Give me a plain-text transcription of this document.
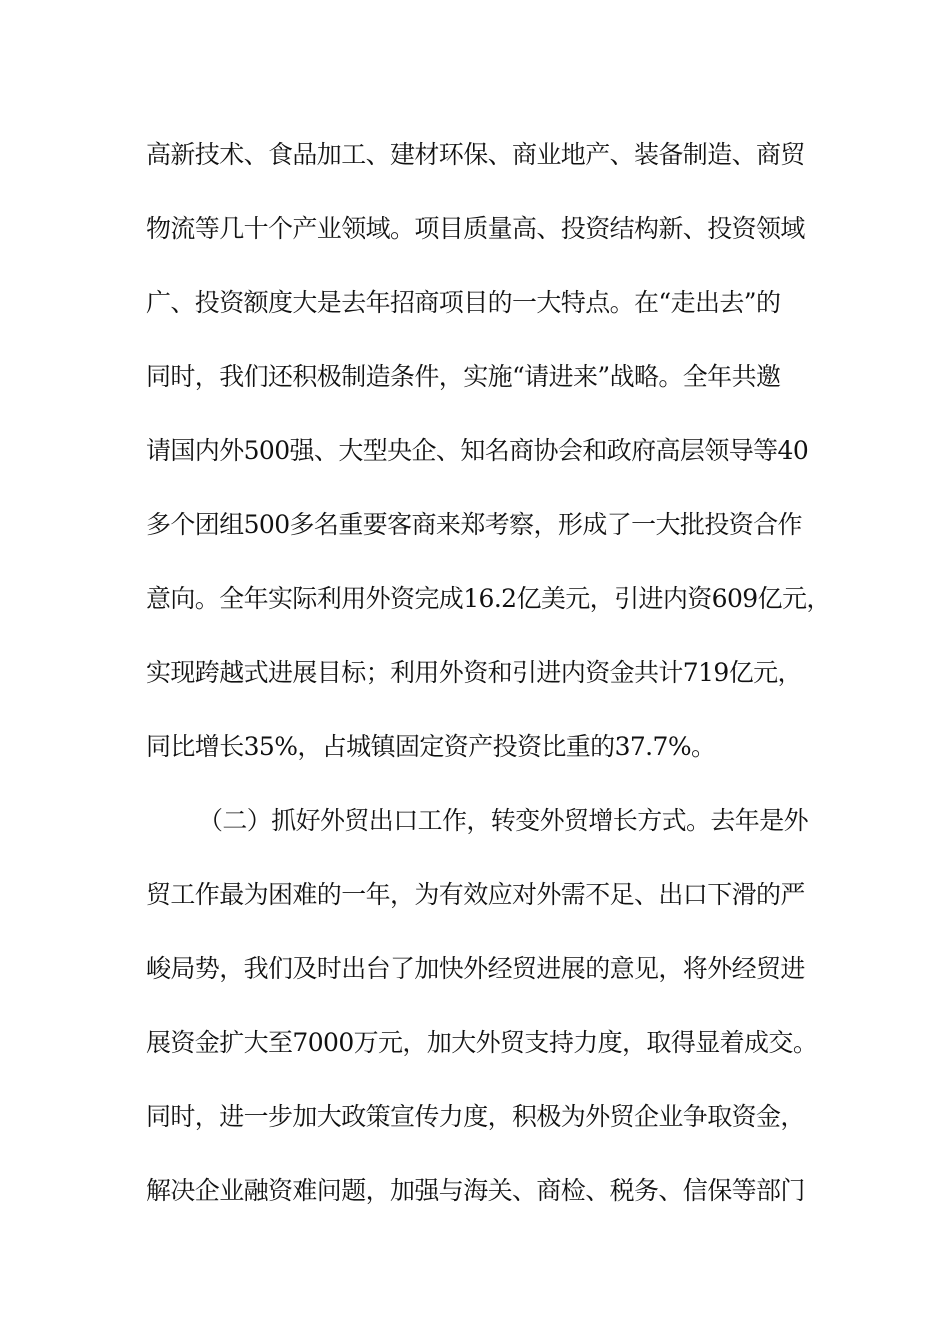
高新技术、食品加工、建材环保、商业地产、装备制造、商贸
物流等几十个产业领域。项目质量高、投资结构新、投资领域
广、投资额度大是去年招商项目的一大特点。在“走出去”的
同时，我们还积极制造条件，实施“请进来”战略。全年共邀
请国内外500强、大型央企、知名商协会和政府高层领导等40
多个团组500多名重要客商来郑考察，形成了一大批投资合作
意向。全年实际利用外资完成16.2亿美元，引进内资609亿元，
实现跨越式进展目标；利用外资和引进内资金共计719亿元，
同比增长35%，占城镇固定资产投资比重的37.7%。
（二）抓好外贸出口工作，转变外贸增长方式。去年是外
贸工作最为困难的一年，为有效应对外需不足、出口下滑的严
峻局势，我们及时出台了加快外经贸进展的意见，将外经贸进
展资金扩大至7000万元，加大外贸支持力度，取得显着成交。
同时，进一步加大政策宣传力度，积极为外贸企业争取资金，
解决企业融资难问题，加强与海关、商检、税务、信保等部门
